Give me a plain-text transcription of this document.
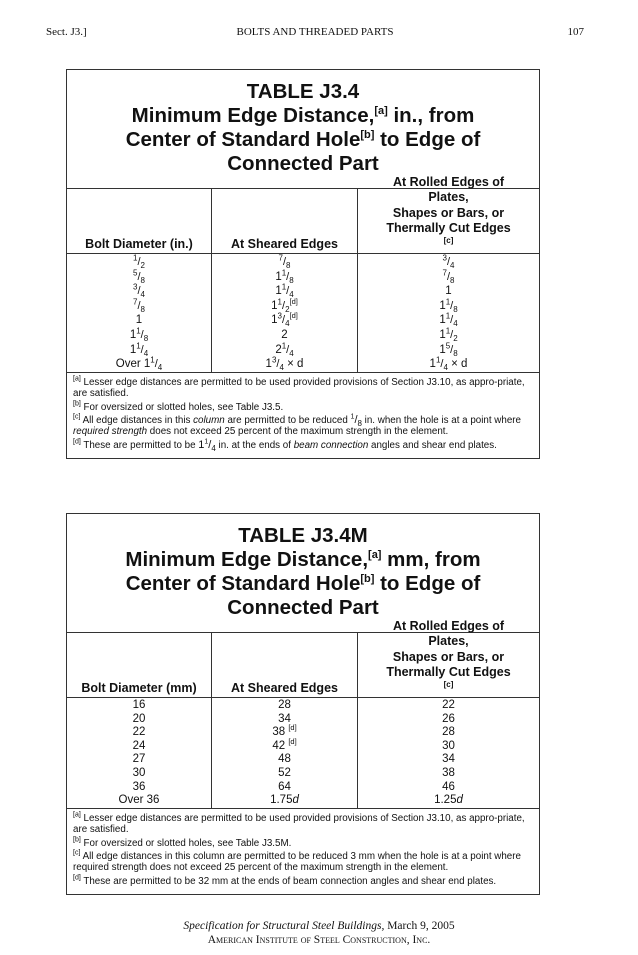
Sect. J3.]	BOLTS AND THREADED PARTS	107
TABLE J3.4
Minimum Edge Distance,[a] in., from
Center of Standard Hole[b] to Edge of
Connected Part
Bolt Diameter (in.)
$^1/_2$
$^5/_8$
$^3/_4$
$^7/_8$
1
$1^1/_8$
$1^1/_4$
Over $1^1/_4$
At Sheared Edges
$^7/_8$
$1^1/_8$
$1^1/_4$
$1^1/_2[d]$
$1^3/_4[d]$
2
$2^1/_4$
$1^3/_4 \times d$
At Rolled Edges of
Plates,
Shapes or Bars, or
Thermally Cut Edges
[c]
$^3/_4$
$^7/_8$
1
$1^1/_8$
$1^1/_4$
$1^1/_2$
$1^5/_8$
$1^1/_4 \times d$
[a] Lesser edge distances are permitted to be used provided provisions of Section J3.10, as appro-priate, are satisfied.
[b] For oversized or slotted holes, see Table J3.5.
[c] All edge distances in this column are permitted to be reduced $^1/_8$ in. when the hole is at a point where required strength does not exceed 25 percent of the maximum strength in the element.
[d] These are permitted to be $1^1/_4$ in. at the ends of beam connection angles and shear end plates.
TABLE J3.4M
Minimum Edge Distance,[a] mm, from
Center of Standard Hole[b] to Edge of
Connected Part
Bolt Diameter (mm)
16
20
22
24
27
30
36
Over 36
At Sheared Edges
28
34
38 [d]
42 [d]
48
52
64
1.75d
At Rolled Edges of
Plates,
Shapes or Bars, or
Thermally Cut Edges
[c]
22
26
28
30
34
38
46
1.25d
[a] Lesser edge distances are permitted to be used provided provisions of Section J3.10, as appro-priate, are satisfied.
[b] For oversized or slotted holes, see Table J3.5M.
[c] All edge distances in this column are permitted to be reduced 3 mm when the hole is at a point where required strength does not exceed 25 percent of the maximum strength in the element.
[d] These are permitted to be 32 mm at the ends of beam connection angles and shear end plates.
Specification for Structural Steel Buildings, March 9, 2005
American Institute of Steel Construction, Inc.
